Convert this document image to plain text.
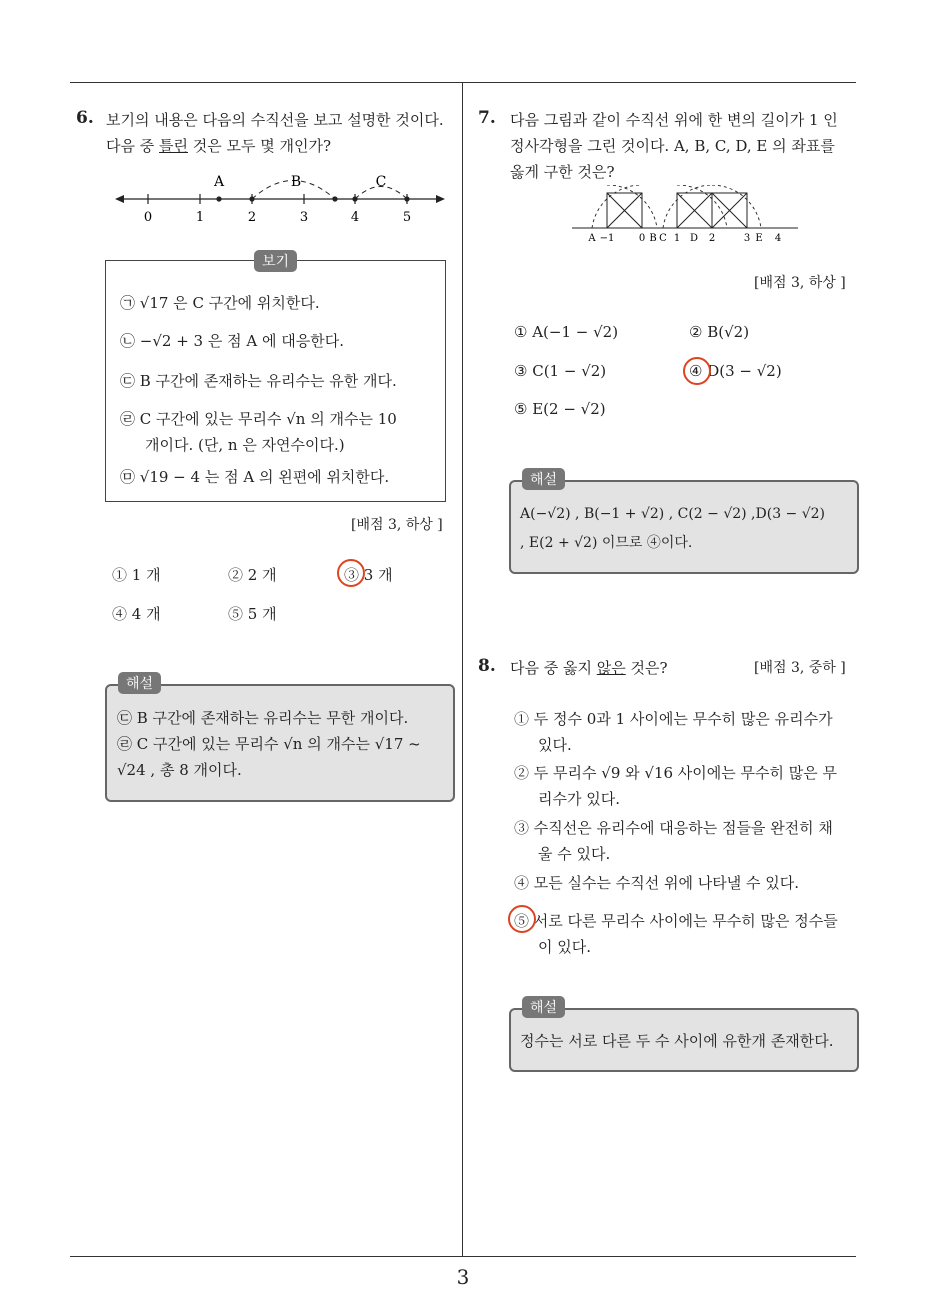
3
6. 보기의 내용은 다음의 수직선을 보고 설명한 것이다.
다음 중 틀린 것은 모두 몇 개인가?
A	B	C
0	1	2	3	4	5
보기
㉠ √17 은 C 구간에 위치한다.
㉡ −√2 + 3 은 점 A 에 대응한다.
㉢ B 구간에 존재하는 유리수는 유한 개다.
㉣ C 구간에 있는 무리수 √n 의 개수는 10
개이다. (단, n 은 자연수이다.)
㉤ √19 − 4 는 점 A 의 왼편에 위치한다.
[배점 3, 하상 ]
① 1 개	② 2 개	③ 3 개
④ 4 개	⑤ 5 개
해설
㉢ B 구간에 존재하는 유리수는 무한 개이다.
㉣ C 구간에 있는 무리수 √n 의 개수는 √17 ~
√24 , 총 8 개이다.
7. 다음 그림과 같이 수직선 위에 한 변의 길이가 1 인
정사각형을 그린 것이다. A, B, C, D, E 의 좌표를
옳게 구한 것은?
A −1 0 B C 1 D 2	3 E 4
[배점 3, 하상 ]
① A(−1 − √2)	② B(√2)
③ C(1 − √2)	④ D(3 − √2)
⑤ E(2 − √2)
해설
A(−√2) , B(−1 + √2) , C(2 − √2) ,D(3 − √2)
, E(2 + √2) 이므로 ④이다.
8. 다음 중 옳지 않은 것은?	[배점 3, 중하 ]
① 두 정수 0과 1 사이에는 무수히 많은 유리수가
있다.
② 두 무리수 √9 와 √16 사이에는 무수히 많은 무
리수가 있다.
③ 수직선은 유리수에 대응하는 점들을 완전히 채
울 수 있다.
④ 모든 실수는 수직선 위에 나타낼 수 있다.
⑤ 서로 다른 무리수 사이에는 무수히 많은 정수들
이 있다.
해설
정수는 서로 다른 두 수 사이에 유한개 존재한다.
